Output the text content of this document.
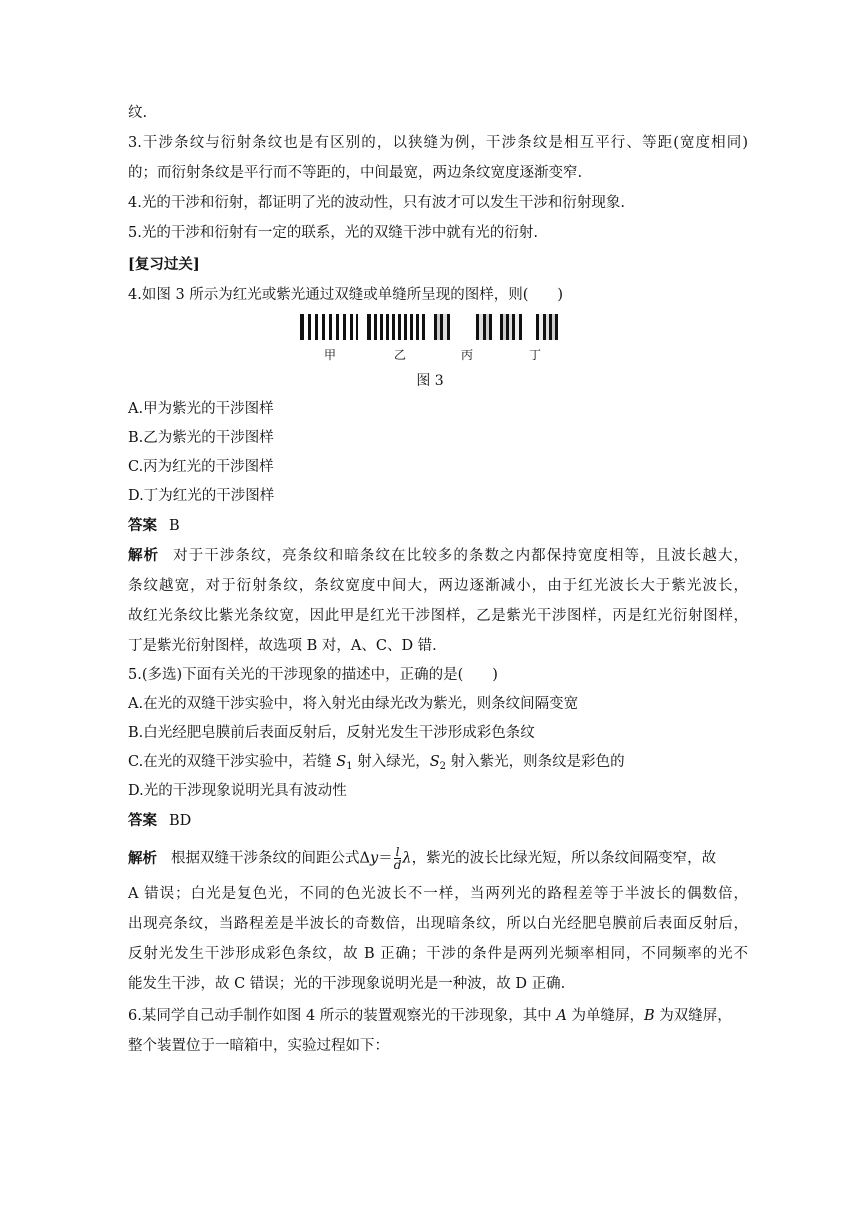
纹.
3.干涉条纹与衍射条纹也是有区别的，以狭缝为例，干涉条纹是相互平行、等距(宽度相同)
的；而衍射条纹是平行而不等距的，中间最宽，两边条纹宽度逐渐变窄.
4.光的干涉和衍射，都证明了光的波动性，只有波才可以发生干涉和衍射现象.
5.光的干涉和衍射有一定的联系，光的双缝干涉中就有光的衍射.
[复习过关]
4.如图 3 所示为红光或紫光通过双缝或单缝所呈现的图样，则(　　)
甲	乙	丙	丁
图 3
A.甲为紫光的干涉图样
B.乙为紫光的干涉图样
C.丙为红光的干涉图样
D.丁为红光的干涉图样
答案 B
解析 对于干涉条纹，亮条纹和暗条纹在比较多的条数之内都保持宽度相等，且波长越大，
条纹越宽，对于衍射条纹，条纹宽度中间大，两边逐渐减小，由于红光波长大于紫光波长，
故红光条纹比紫光条纹宽，因此甲是红光干涉图样，乙是紫光干涉图样，丙是红光衍射图样，
丁是紫光衍射图样，故选项 B 对，A、C、D 错.
5.(多选)下面有关光的干涉现象的描述中，正确的是(　　)
A.在光的双缝干涉实验中，将入射光由绿光改为紫光，则条纹间隔变宽
B.白光经肥皂膜前后表面反射后，反射光发生干涉形成彩色条纹
C.在光的双缝干涉实验中，若缝 $S_1$ 射入绿光，$S_2$ 射入紫光，则条纹是彩色的
D.光的干涉现象说明光具有波动性
答案 BD
解析 根据双缝干涉条纹的间距公式$\Delta y= \frac{l}{d}$ λ，紫光的波长比绿光短，所以条纹间隔变窄，故
A 错误；白光是复色光，不同的色光波长不一样，当两列光的路程差等于半波长的偶数倍，
出现亮条纹，当路程差是半波长的奇数倍，出现暗条纹，所以白光经肥皂膜前后表面反射后，
反射光发生干涉形成彩色条纹，故 B 正确；干涉的条件是两列光频率相同，不同频率的光不
能发生干涉，故 C 错误；光的干涉现象说明光是一种波，故 D 正确.
6.某同学自己动手制作如图 4 所示的装置观察光的干涉现象，其中 A 为单缝屏，B 为双缝屏，
整个装置位于一暗箱中，实验过程如下：
